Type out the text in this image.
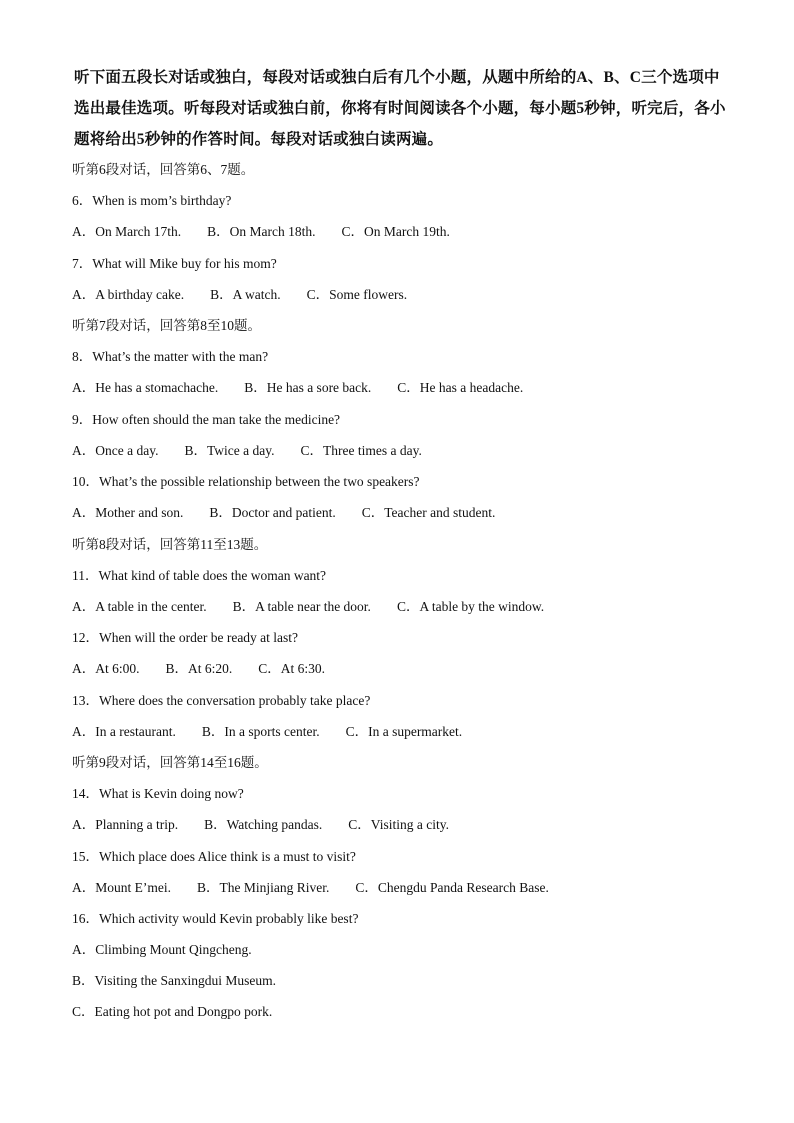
听下面五段长对话或独白，每段对话或独白后有几个小题，从题中所给的A、B、C三个选项中选出最佳选项。听每段对话或独白前，你将有时间阅读各个小题，每小题5秒钟，听完后，各小题将给出5秒钟的作答时间。每段对话或独白读两遍。
听第6段对话，回答第6、7题。
6．When is mom’s birthday?
A．On March 17th. B．On March 18th. C．On March 19th.
7．What will Mike buy for his mom?
A．A birthday cake. B．A watch. C．Some flowers.
听第7段对话，回答第8至10题。
8．What’s the matter with the man?
A．He has a stomachache. B．He has a sore back. C．He has a headache.
9．How often should the man take the medicine?
A．Once a day. B．Twice a day. C．Three times a day.
10．What’s the possible relationship between the two speakers?
A．Mother and son. B．Doctor and patient. C．Teacher and student.
听第8段对话，回答第11至13题。
11．What kind of table does the woman want?
A．A table in the center. B．A table near the door. C．A table by the window.
12．When will the order be ready at last?
A．At 6:00. B．At 6:20. C．At 6:30.
13．Where does the conversation probably take place?
A．In a restaurant. B．In a sports center. C．In a supermarket.
听第9段对话，回答第14至16题。
14．What is Kevin doing now?
A．Planning a trip. B．Watching pandas. C．Visiting a city.
15．Which place does Alice think is a must to visit?
A．Mount E’mei. B．The Minjiang River. C．Chengdu Panda Research Base.
16．Which activity would Kevin probably like best?
A．Climbing Mount Qingcheng.
B．Visiting the Sanxingdui Museum.
C．Eating hot pot and Dongpo pork.
